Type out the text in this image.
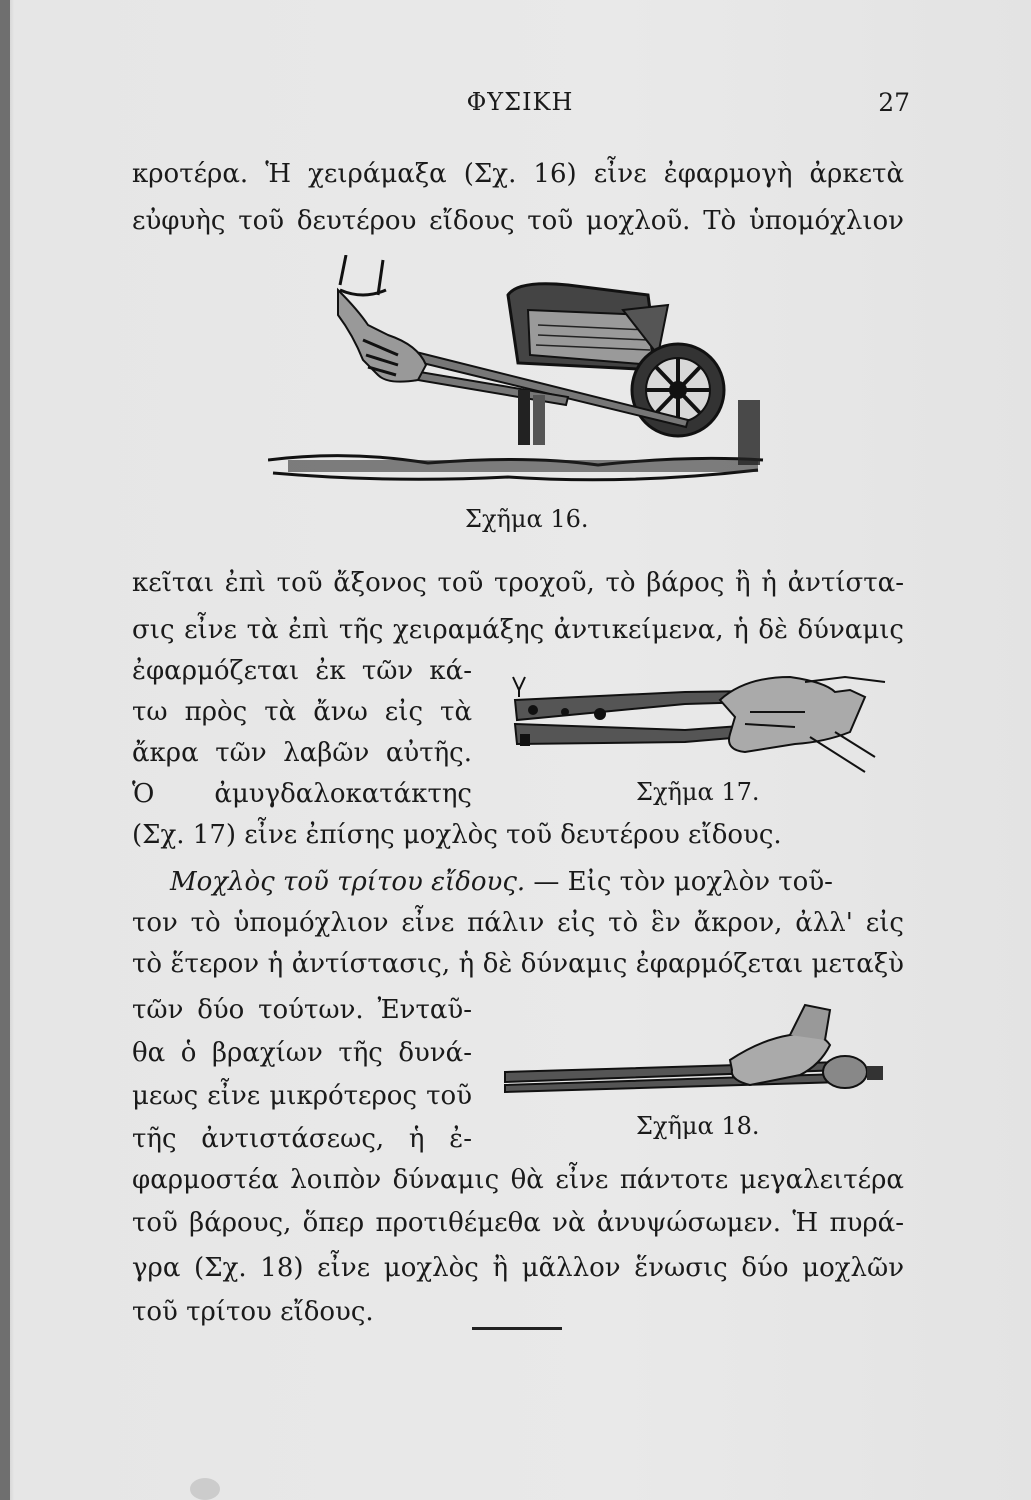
ΦΥΣΙΚΗ	27
κροτέρα. Ἡ χειράμαξα (Σχ. 16) εἶνε ἐφαρμογὴ ἀρκετὰ
εὐφυὴς τοῦ δευτέρου εἴδους τοῦ μοχλοῦ. Τὸ ὑπομόχλιον
Σχῆμα 16.
κεῖται ἐπὶ τοῦ ἄξονος τοῦ τροχοῦ, τὸ βάρος ἢ ἡ ἀντίστα-
σις εἶνε τὰ ἐπὶ τῆς χειραμάξης ἀντικείμενα, ἡ δὲ δύναμις
ἐφαρμόζεται ἐκ τῶν κά-
τω πρὸς τὰ ἄνω εἰς τὰ
ἄκρα τῶν λαβῶν αὐτῆς.
Ὁ ἀμυγδαλοκατάκτης	Σχῆμα 17.
(Σχ. 17) εἶνε ἐπίσης μοχλὸς τοῦ δευτέρου εἴδους.
Μοχλὸς τοῦ τρίτου εἴδους. — Εἰς τὸν μοχλὸν τοῦ-
τον τὸ ὑπομόχλιον εἶνε πάλιν εἰς τὸ ἓν ἄκρον, ἀλλ' εἰς
τὸ ἕτερον ἡ ἀντίστασις, ἡ δὲ δύναμις ἐφαρμόζεται μεταξὺ
τῶν δύο τούτων. Ἐνταῦ-
θα ὁ βραχίων τῆς δυνά-
μεως εἶνε μικρότερος τοῦ
τῆς ἀντιστάσεως, ἡ ἐ-	Σχῆμα 18.
φαρμοστέα λοιπὸν δύναμις θὰ εἶνε πάντοτε μεγαλειτέρα
τοῦ βάρους, ὅπερ προτιθέμεθα νὰ ἀνυψώσωμεν. Ἡ πυρά-
γρα (Σχ. 18) εἶνε μοχλὸς ἢ μᾶλλον ἕνωσις δύο μοχλῶν
τοῦ τρίτου εἴδους.
